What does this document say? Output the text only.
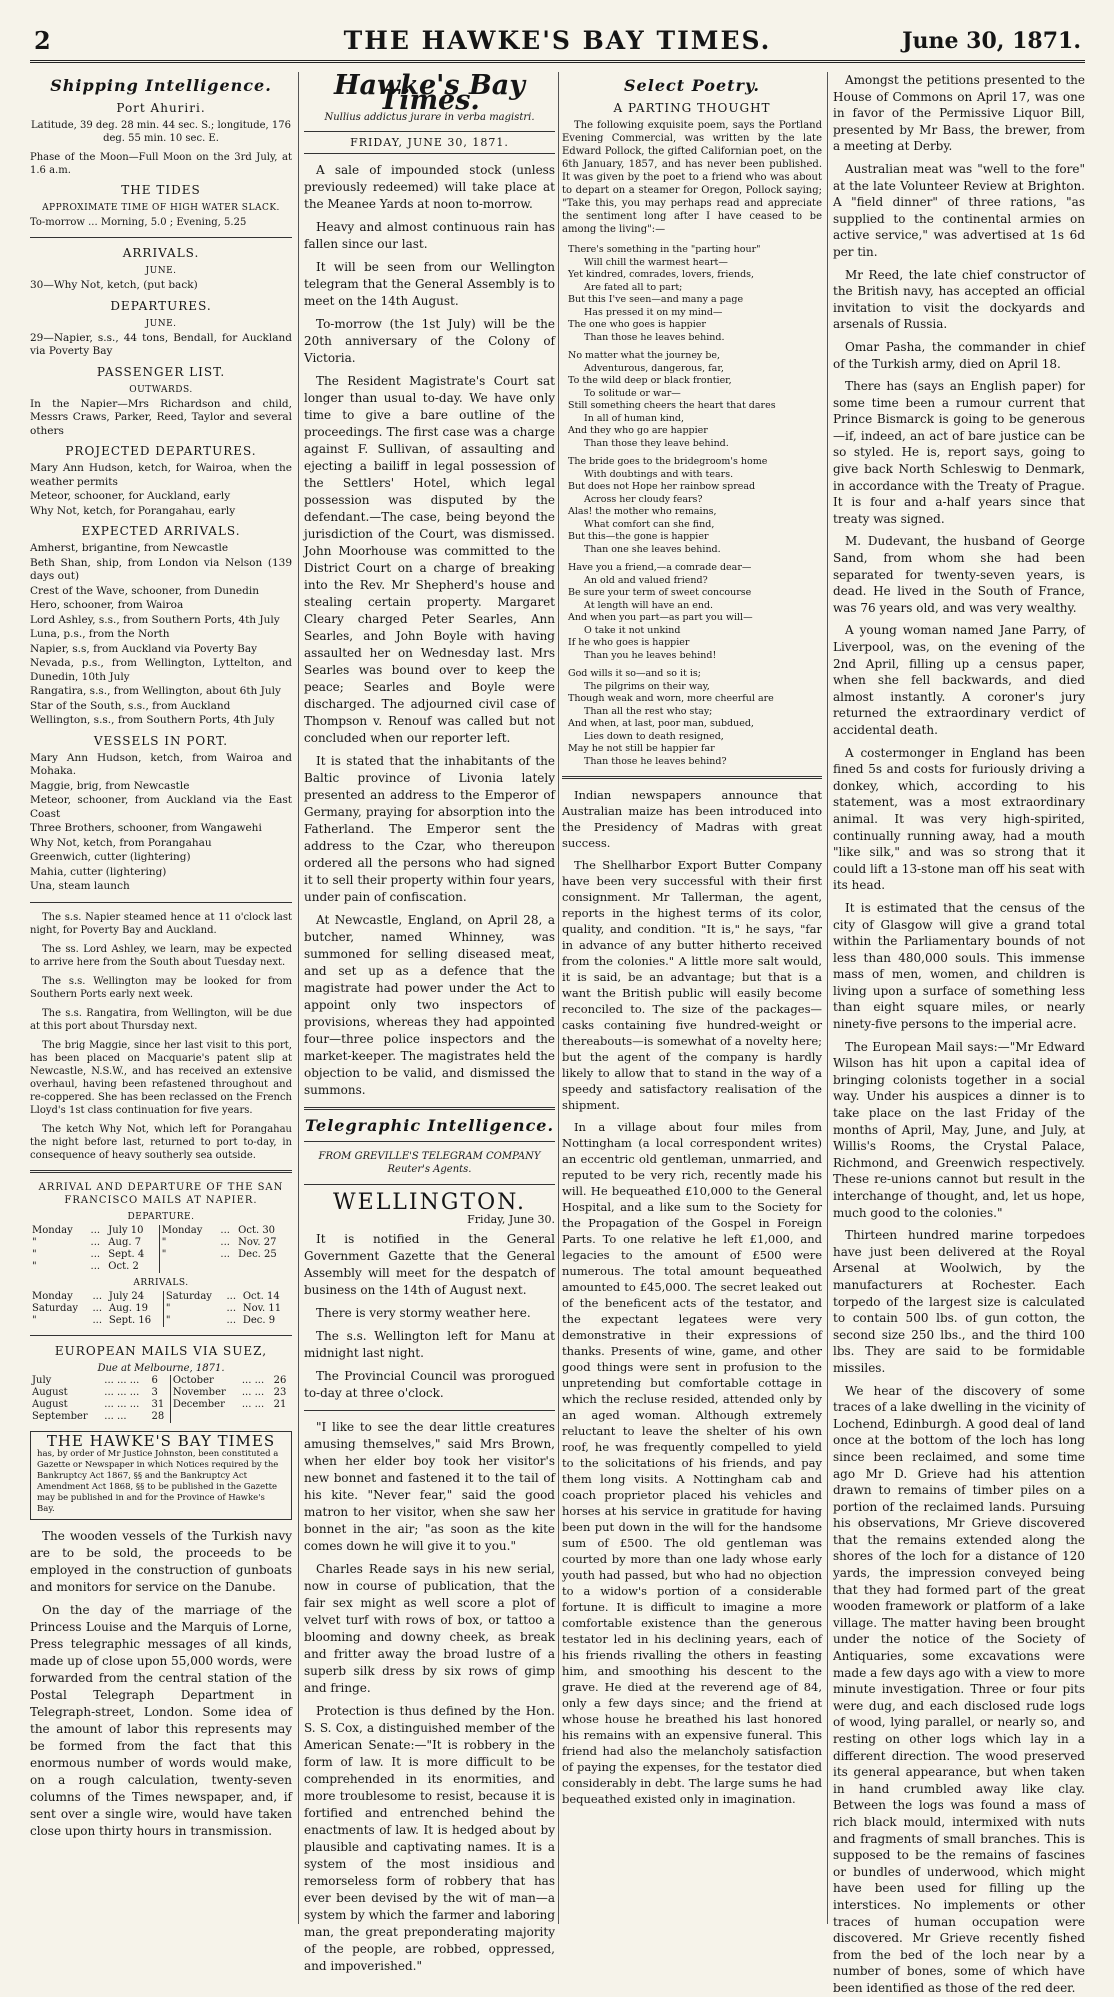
2	THE HAWKE'S BAY TIMES.	June 30, 1871.
Shipping Intelligence.
Port Ahuriri.

Latitude, 39 deg. 28 min. 44 sec. S.; longitude, 176 deg. 55 min. 10 sec. E.

Phase of the Moon—Full Moon on the 3rd July, at 1.6 a.m.

THE TIDES
APPROXIMATE TIME OF HIGH WATER SLACK.

To-morrow ... Morning, 5.0 ; Evening, 5.25

ARRIVALS.
JUNE.

30—Why Not, ketch, (put back)

DEPARTURES.
JUNE.

29—Napier, s.s., 44 tons, Bendall, for Auckland via Poverty Bay

PASSENGER LIST.
OUTWARDS.

In the Napier—Mrs Richardson and child, Messrs Craws, Parker, Reed, Taylor and several others

PROJECTED DEPARTURES.

Mary Ann Hudson, ketch, for Wairoa, when the weather permits

Meteor, schooner, for Auckland, early

Why Not, ketch, for Porangahau, early

EXPECTED ARRIVALS.

Amherst, brigantine, from Newcastle

Beth Shan, ship, from London via Nelson (139 days out)

Crest of the Wave, schooner, from Dunedin

Hero, schooner, from Wairoa

Lord Ashley, s.s., from Southern Ports, 4th July

Luna, p.s., from the North

Napier, s.s, from Auckland via Poverty Bay

Nevada, p.s., from Wellington, Lyttelton, and Dunedin, 10th July

Rangatira, s.s., from Wellington, about 6th July

Star of the South, s.s., from Auckland

Wellington, s.s., from Southern Ports, 4th July

VESSELS IN PORT.

Mary Ann Hudson, ketch, from Wairoa and Mohaka.

Maggie, brig, from Newcastle

Meteor, schooner, from Auckland via the East Coast

Three Brothers, schooner, from Wangawehi

Why Not, ketch, from Porangahau

Greenwich, cutter (lightering)

Mahia, cutter (lightering)

Una, steam launch

The s.s. Napier steamed hence at 11 o'clock last night, for Poverty Bay and Auckland.

The ss. Lord Ashley, we learn, may be expected to arrive here from the South about Tuesday next.

The s.s. Wellington may be looked for from Southern Ports early next week.

The s.s. Rangatira, from Wellington, will be due at this port about Thursday next.

The brig Maggie, since her last visit to this port, has been placed on Macquarie's patent slip at Newcastle, N.S.W., and has received an extensive overhaul, having been refastened throughout and re-coppered. She has been reclassed on the French Lloyd's 1st class continuation for five years.

The ketch Why Not, which left for Porangahau the night before last, returned to port to-day, in consequence of heavy southerly sea outside.

ARRIVAL AND DEPARTURE OF THE SAN FRANCISCO MAILS AT NAPIER.
DEPARTURE.
Monday	...	July 10	Monday	...	Oct. 30
"	...	Aug. 7	"	...	Nov. 27
"	...	Sept. 4	"	...	Dec. 25
"	...	Oct. 2			
ARRIVALS.
Monday	...	July 24	Saturday	...	Oct. 14
Saturday	...	Aug. 19	"	...	Nov. 11
"	...	Sept. 16	"	...	Dec. 9
EUROPEAN MAILS VIA SUEZ,
Due at Melbourne, 1871.
July	... ... ...	6	October	... ...	26
August	... ... ...	3	November	... ...	23
August	... ... ...	31	December	... ...	21
September	... ...	28			
THE HAWKE'S BAY TIMES
has, by order of Mr Justice Johnston, been constituted a Gazette or Newspaper in which Notices required by the Bankruptcy Act 1867, §§ and the Bankruptcy Act Amendment Act 1868, §§ to be published in the Gazette may be published in and for the Province of Hawke's Bay.

The wooden vessels of the Turkish navy are to be sold, the proceeds to be employed in the construction of gunboats and monitors for service on the Danube.

On the day of the marriage of the Princess Louise and the Marquis of Lorne, Press telegraphic messages of all kinds, made up of close upon 55,000 words, were forwarded from the central station of the Postal Telegraph Department in Telegraph-street, London. Some idea of the amount of labor this represents may be formed from the fact that this enormous number of words would make, on a rough calculation, twenty-seven columns of the Times newspaper, and, if sent over a single wire, would have taken close upon thirty hours in transmission.

Hawke's Bay Times.
Nullius addictus jurare in verba magistri.
FRIDAY, JUNE 30, 1871.

A sale of impounded stock (unless previously redeemed) will take place at the Meanee Yards at noon to-morrow.

Heavy and almost continuous rain has fallen since our last.

It will be seen from our Wellington telegram that the General Assembly is to meet on the 14th August.

To-morrow (the 1st July) will be the 20th anniversary of the Colony of Victoria.

The Resident Magistrate's Court sat longer than usual to-day. We have only time to give a bare outline of the proceedings. The first case was a charge against F. Sullivan, of assaulting and ejecting a bailiff in legal possession of the Settlers' Hotel, which legal possession was disputed by the defendant.—The case, being beyond the jurisdiction of the Court, was dismissed. John Moorhouse was committed to the District Court on a charge of breaking into the Rev. Mr Shepherd's house and stealing certain property. Margaret Cleary charged Peter Searles, Ann Searles, and John Boyle with having assaulted her on Wednesday last. Mrs Searles was bound over to keep the peace; Searles and Boyle were discharged. The adjourned civil case of Thompson v. Renouf was called but not concluded when our reporter left.

It is stated that the inhabitants of the Baltic province of Livonia lately presented an address to the Emperor of Germany, praying for absorption into the Fatherland. The Emperor sent the address to the Czar, who thereupon ordered all the persons who had signed it to sell their property within four years, under pain of confiscation.

At Newcastle, England, on April 28, a butcher, named Whinney, was summoned for selling diseased meat, and set up as a defence that the magistrate had power under the Act to appoint only two inspectors of provisions, whereas they had appointed four—three police inspectors and the market-keeper. The magistrates held the objection to be valid, and dismissed the summons.

Telegraphic Intelligence.
FROM GREVILLE'S TELEGRAM COMPANY
Reuter's Agents.
WELLINGTON.
Friday, June 30.

It is notified in the General Government Gazette that the General Assembly will meet for the despatch of business on the 14th of August next.

There is very stormy weather here.

The s.s. Wellington left for Manu at midnight last night.

The Provincial Council was prorogued to-day at three o'clock.

"I like to see the dear little creatures amusing themselves," said Mrs Brown, when her elder boy took her visitor's new bonnet and fastened it to the tail of his kite. "Never fear," said the good matron to her visitor, when she saw her bonnet in the air; "as soon as the kite comes down he will give it to you."

Charles Reade says in his new serial, now in course of publication, that the fair sex might as well score a plot of velvet turf with rows of box, or tattoo a blooming and downy cheek, as break and fritter away the broad lustre of a superb silk dress by six rows of gimp and fringe.

Protection is thus defined by the Hon. S. S. Cox, a distinguished member of the American Senate:—"It is robbery in the form of law. It is more difficult to be comprehended in its enormities, and more troublesome to resist, because it is fortified and entrenched behind the enactments of law. It is hedged about by plausible and captivating names. It is a system of the most insidious and remorseless form of robbery that has ever been devised by the wit of man—a system by which the farmer and laboring man, the great preponderating majority of the people, are robbed, oppressed, and impoverished."

Select Poetry.
A PARTING THOUGHT

The following exquisite poem, says the Portland Evening Commercial, was written by the late Edward Pollock, the gifted Californian poet, on the 6th January, 1857, and has never been published. It was given by the poet to a friend who was about to depart on a steamer for Oregon, Pollock saying; "Take this, you may perhaps read and appreciate the sentiment long after I have ceased to be among the living":—

There's something in the "parting hour"
Will chill the warmest heart—
Yet kindred, comrades, lovers, friends,
Are fated all to part;
But this I've seen—and many a page
Has pressed it on my mind—
The one who goes is happier
Than those he leaves behind.
No matter what the journey be,
Adventurous, dangerous, far,
To the wild deep or black frontier,
To solitude or war—
Still something cheers the heart that dares
In all of human kind,
And they who go are happier
Than those they leave behind.
The bride goes to the bridegroom's home
With doubtings and with tears.
But does not Hope her rainbow spread
Across her cloudy fears?
Alas! the mother who remains,
What comfort can she find,
But this—the gone is happier
Than one she leaves behind.
Have you a friend,—a comrade dear—
An old and valued friend?
Be sure your term of sweet concourse
At length will have an end.
And when you part—as part you will—
O take it not unkind
If he who goes is happier
Than you he leaves behind!
God wills it so—and so it is;
The pilgrims on their way,
Though weak and worn, more cheerful are
Than all the rest who stay;
And when, at last, poor man, subdued,
Lies down to death resigned,
May he not still be happier far
Than those he leaves behind?

Indian newspapers announce that Australian maize has been introduced into the Presidency of Madras with great success.

The Shellharbor Export Butter Company have been very successful with their first consignment. Mr Tallerman, the agent, reports in the highest terms of its color, quality, and condition. "It is," he says, "far in advance of any butter hitherto received from the colonies." A little more salt would, it is said, be an advantage; but that is a want the British public will easily become reconciled to. The size of the packages—casks containing five hundred-weight or thereabouts—is somewhat of a novelty here; but the agent of the company is hardly likely to allow that to stand in the way of a speedy and satisfactory realisation of the shipment.

In a village about four miles from Nottingham (a local correspondent writes) an eccentric old gentleman, unmarried, and reputed to be very rich, recently made his will. He bequeathed £10,000 to the General Hospital, and a like sum to the Society for the Propagation of the Gospel in Foreign Parts. To one relative he left £1,000, and legacies to the amount of £500 were numerous. The total amount bequeathed amounted to £45,000. The secret leaked out of the beneficent acts of the testator, and the expectant legatees were very demonstrative in their expressions of thanks. Presents of wine, game, and other good things were sent in profusion to the unpretending but comfortable cottage in which the recluse resided, attended only by an aged woman. Although extremely reluctant to leave the shelter of his own roof, he was frequently compelled to yield to the solicitations of his friends, and pay them long visits. A Nottingham cab and coach proprietor placed his vehicles and horses at his service in gratitude for having been put down in the will for the handsome sum of £500. The old gentleman was courted by more than one lady whose early youth had passed, but who had no objection to a widow's portion of a considerable fortune. It is difficult to imagine a more comfortable existence than the generous testator led in his declining years, each of his friends rivalling the others in feasting him, and smoothing his descent to the grave. He died at the reverend age of 84, only a few days since; and the friend at whose house he breathed his last honored his remains with an expensive funeral. This friend had also the melancholy satisfaction of paying the expenses, for the testator died considerably in debt. The large sums he had bequeathed existed only in imagination.

Amongst the petitions presented to the House of Commons on April 17, was one in favor of the Permissive Liquor Bill, presented by Mr Bass, the brewer, from a meeting at Derby.

Australian meat was "well to the fore" at the late Volunteer Review at Brighton. A "field dinner" of three rations, "as supplied to the continental armies on active service," was advertised at 1s 6d per tin.

Mr Reed, the late chief constructor of the British navy, has accepted an official invitation to visit the dockyards and arsenals of Russia.

Omar Pasha, the commander in chief of the Turkish army, died on April 18.

There has (says an English paper) for some time been a rumour current that Prince Bismarck is going to be generous—if, indeed, an act of bare justice can be so styled. He is, report says, going to give back North Schleswig to Denmark, in accordance with the Treaty of Prague. It is four and a-half years since that treaty was signed.

M. Dudevant, the husband of George Sand, from whom she had been separated for twenty-seven years, is dead. He lived in the South of France, was 76 years old, and was very wealthy.

A young woman named Jane Parry, of Liverpool, was, on the evening of the 2nd April, filling up a census paper, when she fell backwards, and died almost instantly. A coroner's jury returned the extraordinary verdict of accidental death.

A costermonger in England has been fined 5s and costs for furiously driving a donkey, which, according to his statement, was a most extraordinary animal. It was very high-spirited, continually running away, had a mouth "like silk," and was so strong that it could lift a 13-stone man off his seat with its head.

It is estimated that the census of the city of Glasgow will give a grand total within the Parliamentary bounds of not less than 480,000 souls. This immense mass of men, women, and children is living upon a surface of something less than eight square miles, or nearly ninety-five persons to the imperial acre.

The European Mail says:—"Mr Edward Wilson has hit upon a capital idea of bringing colonists together in a social way. Under his auspices a dinner is to take place on the last Friday of the months of April, May, June, and July, at Willis's Rooms, the Crystal Palace, Richmond, and Greenwich respectively. These re-unions cannot but result in the interchange of thought, and, let us hope, much good to the colonies."

Thirteen hundred marine torpedoes have just been delivered at the Royal Arsenal at Woolwich, by the manufacturers at Rochester. Each torpedo of the largest size is calculated to contain 500 lbs. of gun cotton, the second size 250 lbs., and the third 100 lbs. They are said to be formidable missiles.

We hear of the discovery of some traces of a lake dwelling in the vicinity of Lochend, Edinburgh. A good deal of land once at the bottom of the loch has long since been reclaimed, and some time ago Mr D. Grieve had his attention drawn to remains of timber piles on a portion of the reclaimed lands. Pursuing his observations, Mr Grieve discovered that the remains extended along the shores of the loch for a distance of 120 yards, the impression conveyed being that they had formed part of the great wooden framework or platform of a lake village. The matter having been brought under the notice of the Society of Antiquaries, some excavations were made a few days ago with a view to more minute investigation. Three or four pits were dug, and each disclosed rude logs of wood, lying parallel, or nearly so, and resting on other logs which lay in a different direction. The wood preserved its general appearance, but when taken in hand crumbled away like clay. Between the logs was found a mass of rich black mould, intermixed with nuts and fragments of small branches. This is supposed to be the remains of fascines or bundles of underwood, which might have been used for filling up the interstices. No implements or other traces of human occupation were discovered. Mr Grieve recently fished from the bed of the loch near by a number of bones, some of which have been identified as those of the red deer.
